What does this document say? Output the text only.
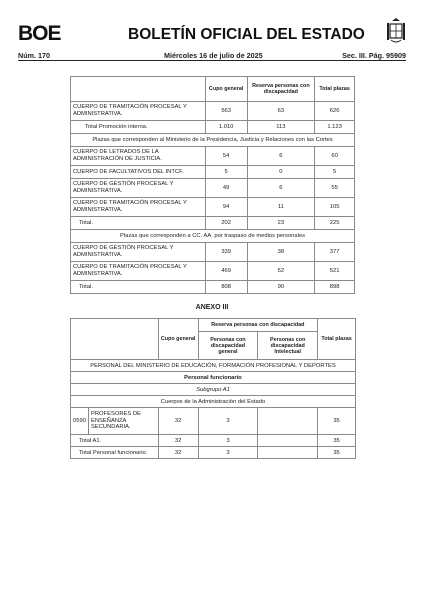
BOE	BOLETÍN OFICIAL DEL ESTADO
Núm. 170	Miércoles 16 de julio de 2025	Sec. III. Pág. 95909
	Cupo general	Reserva personas con discapacidad	Total plazas
CUERPO DE TRAMITACIÓN PROCESAL Y ADMINISTRATIVA.	563	63	626
Total Promoción interna.	1.010	113	1.123
Plazas que corresponden al Ministerio de la Presidencia, Justicia y Relaciones con las Cortes			
CUERPO DE LETRADOS DE LA ADMINISTRACIÓN DE JUSTICIA.	54	6	60
CUERPO DE FACULTATIVOS DEL INTCF.	5	0	5
CUERPO DE GESTIÓN PROCESAL Y ADMINISTRATIVA.	49	6	55
CUERPO DE TRAMITACIÓN PROCESAL Y ADMINISTRATIVA.	94	11	105
Total.	202	23	225
Plazas que corresponden a CC. AA. por traspaso de medios personales			
CUERPO DE GESTIÓN PROCESAL Y ADMINISTRATIVA.	339	38	377
CUERPO DE TRAMITACIÓN PROCESAL Y ADMINISTRATIVA.	469	52	521
Total.	808	90	898
ANEXO III
		Cupo general	Reserva personas con discapacidad		Total plazas
			Personas con discapacidad general	Personas con discapacidad Intelectual	
PERSONAL DEL MINISTERIO DE EDUCACIÓN, FORMACIÓN PROFESIONAL Y DEPORTES					
Personal funcionario					
Subgrupo A1					
Cuerpos de la Administración del Estado					
0590	PROFESORES DE ENSEÑANZA SECUNDARIA.	32	3		35
Total A1.		32	3		35
Total Personal funcionario.		32	3		35
